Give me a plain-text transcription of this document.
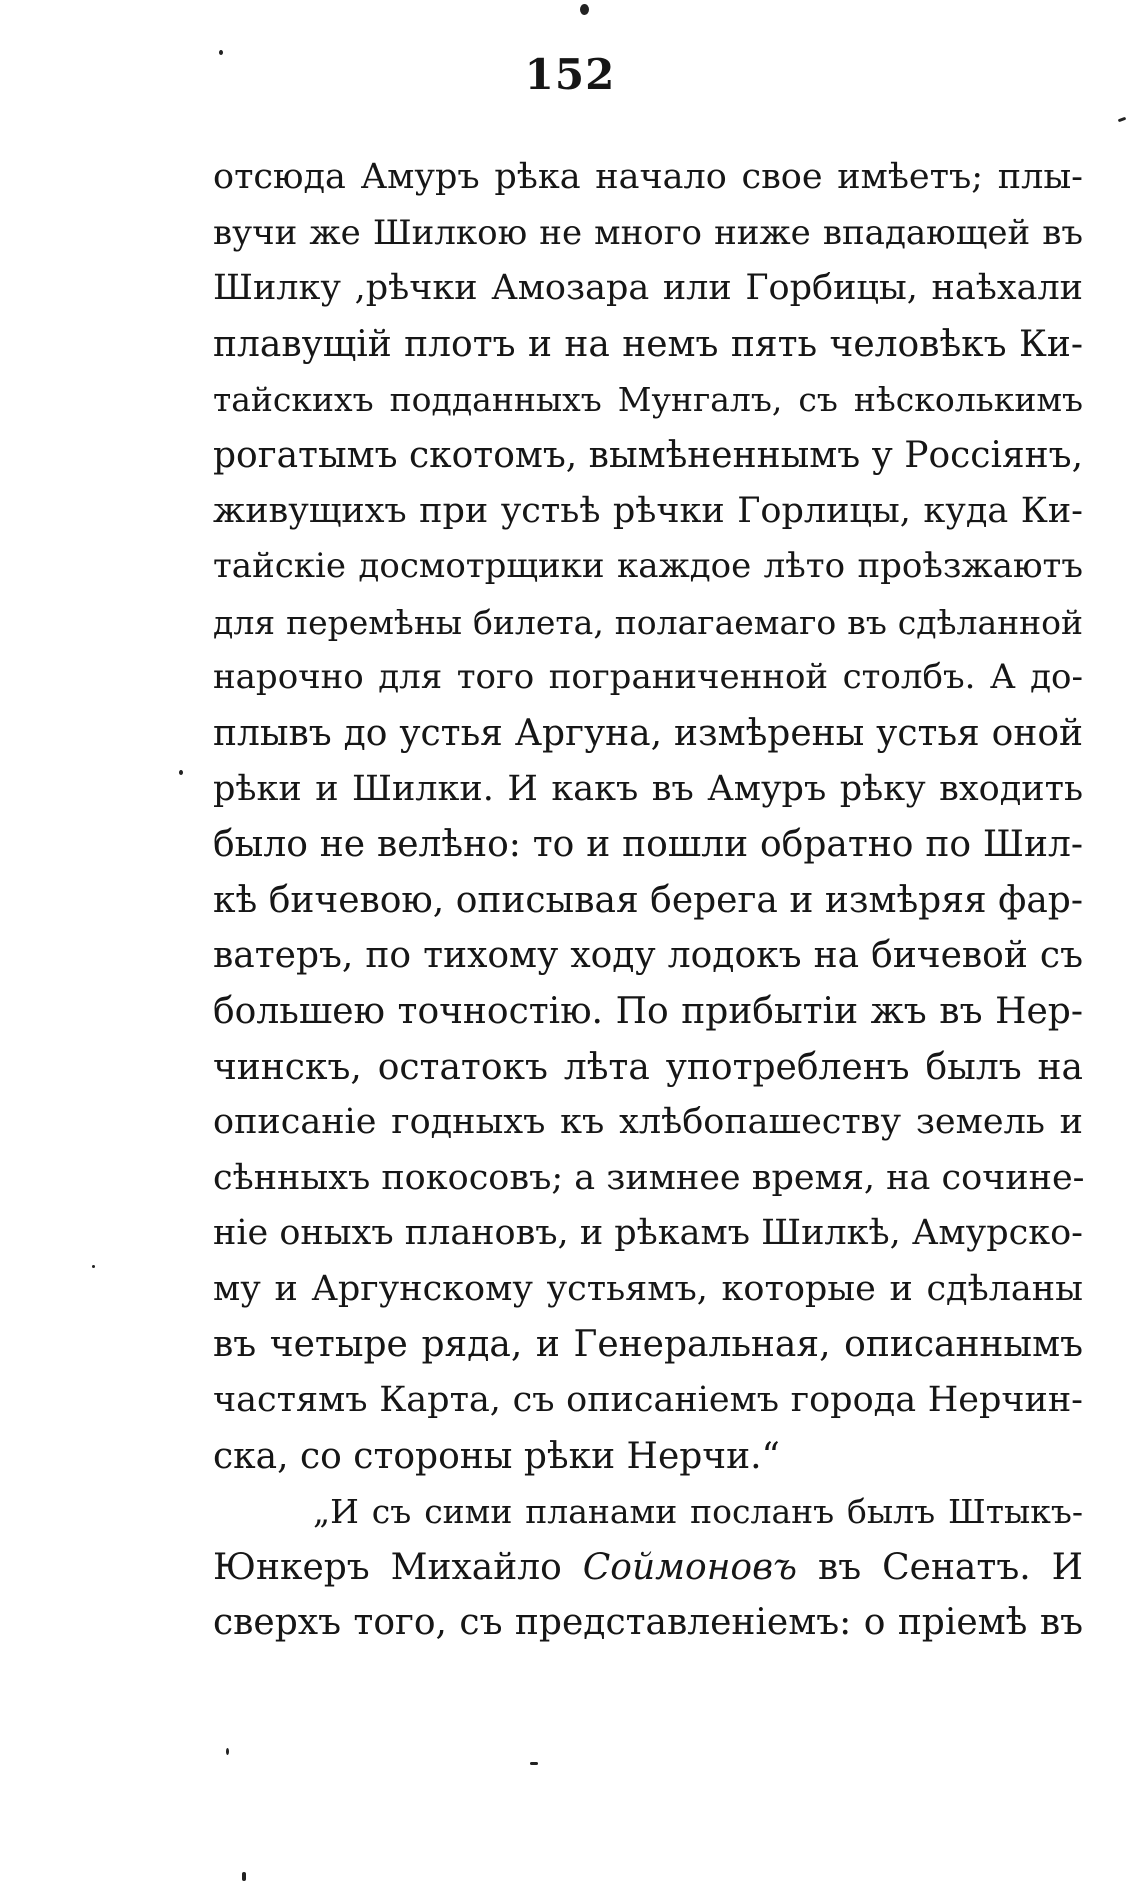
152
отсюда Амуръ рѣка начало свое имѣетъ; плы-
вучи же Шилкою не много ниже впадающей въ
Шилку ,рѣчки Амозара или Горбицы, наѣхали
плавущій плотъ и на немъ пять человѣкъ Ки-
тайскихъ подданныхъ Мунгалъ, съ нѣсколькимъ
рогатымъ скотомъ, вымѣненнымъ у Россіянъ,
живущихъ при устьѣ рѣчки Горлицы, куда Ки-
тайскіе досмотрщики каждое лѣто проѣзжаютъ
для перемѣны билета, полагаемаго въ сдѣланной
нарочно для того пограниченной столбъ. А до-
плывъ до устья Аргуна, измѣрены устья оной
рѣки и Шилки. И какъ въ Амуръ рѣку входить
было не велѣно: то и пошли обратно по Шил-
кѣ бичевою, описывая берега и измѣряя фар-
ватеръ, по тихому ходу лодокъ на бичевой съ
большею точностію. По прибытіи жъ въ Нер-
чинскъ, остатокъ лѣта употребленъ былъ на
описаніе годныхъ къ хлѣбопашеству земель и
сѣнныхъ покосовъ; а зимнее время, на сочине-
ніе оныхъ плановъ, и рѣкамъ Шилкѣ, Амурско-
му и Аргунскому устьямъ, которые и сдѣланы
въ четыре ряда, и Генеральная, описаннымъ
частямъ Карта, съ описаніемъ города Нерчин-
ска, со стороны рѣки Нерчи.“
„И съ сими планами посланъ былъ Штыкъ-
Юнкеръ Михайло Соймоновъ въ Сенатъ. И
сверхъ того, съ представленіемъ: о пріемѣ въ
